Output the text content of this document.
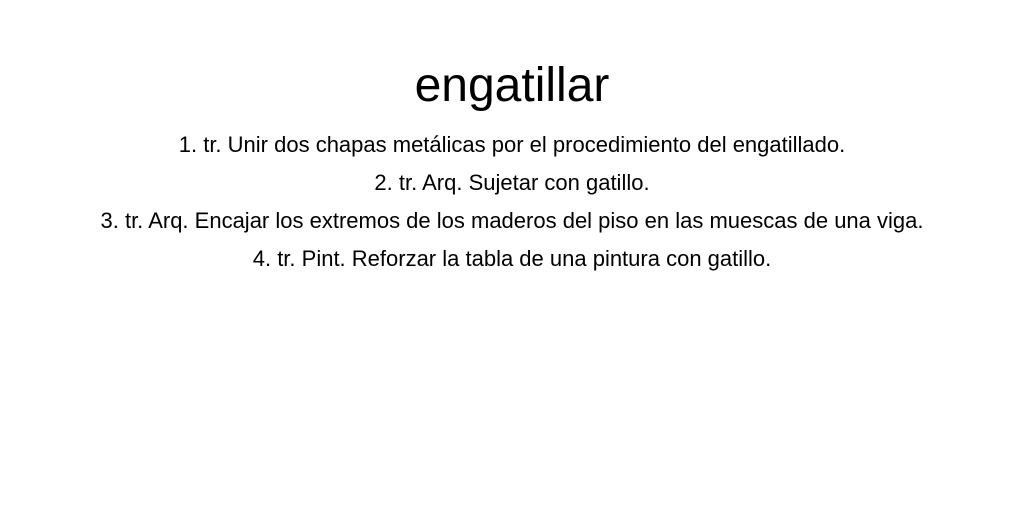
engatillar
1. tr. Unir dos chapas metálicas por el procedimiento del engatillado.
2. tr. Arq. Sujetar con gatillo.
3. tr. Arq. Encajar los extremos de los maderos del piso en las muescas de una viga.
4. tr. Pint. Reforzar la tabla de una pintura con gatillo.
